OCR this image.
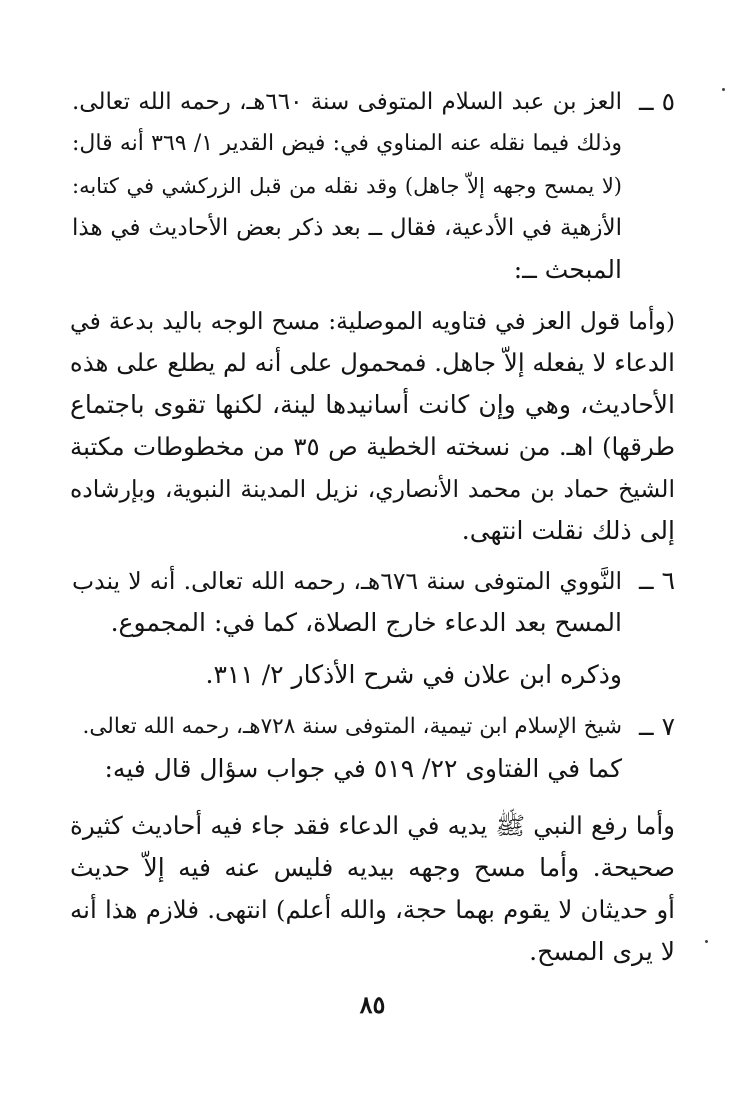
٥ ــ
العز بن عبد السلام المتوفى سنة ٦٦٠هـ، رحمه الله تعالى.
وذلك فيما نقله عنه المناوي في: فيض القدير ١/ ٣٦٩ أنه قال:
(لا يمسح وجهه إلاّ جاهل) وقد نقله من قبل الزركشي في كتابه:
الأزهية في الأدعية، فقال ــ بعد ذكر بعض الأحاديث في هذا
المبحث ــ:
(وأما قول العز في فتاويه الموصلية: مسح الوجه باليد بدعة في
الدعاء لا يفعله إلاّ جاهل. فمحمول على أنه لم يطلع على هذه
الأحاديث، وهي وإن كانت أسانيدها لينة، لكنها تقوى باجتماع
طرقها) اهـ. من نسخته الخطية ص ٣٥ من مخطوطات مكتبة
الشيخ حماد بن محمد الأنصاري، نزيل المدينة النبوية، وبإرشاده
إلى ذلك نقلت انتهى.
٦ ــ
النَّووي المتوفى سنة ٦٧٦هـ، رحمه الله تعالى. أنه لا يندب
المسح بعد الدعاء خارج الصلاة، كما في: المجموع.
وذكره ابن علان في شرح الأذكار ٢/ ٣١١.
٧ ــ
شيخ الإسلام ابن تيمية، المتوفى سنة ٧٢٨هـ، رحمه الله تعالى.
كما في الفتاوى ٢٢/ ٥١٩ في جواب سؤال قال فيه:
وأما رفع النبي ﷺ يديه في الدعاء فقد جاء فيه أحاديث كثيرة
صحيحة. وأما مسح وجهه بيديه فليس عنه فيه إلاّ حديث
أو حديثان لا يقوم بهما حجة، والله أعلم) انتهى. فلازم هذا أنه
لا يرى المسح.
٨٥
